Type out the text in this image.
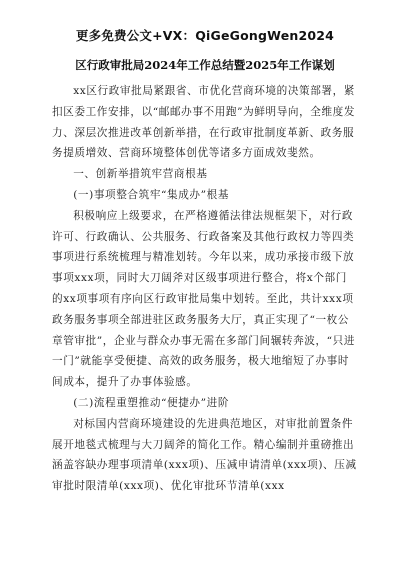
更多免费公文+VX：QiGeGongWen2024
区行政审批局2024年工作总结暨2025年工作谋划

xx区行政审批局紧跟省、市优化营商环境的决策部署，紧扣区委工作安排，以“邮邮办事不用跑”为鲜明导向，全维度发力、深层次推进改革创新举措，在行政审批制度革新、政务服务提质增效、营商环境整体创优等诸多方面成效斐然。

一、创新举措筑牢营商根基

(一)事项整合筑牢“集成办”根基

积极响应上级要求，在严格遵循法律法规框架下，对行政许可、行政确认、公共服务、行政备案及其他行政权力等四类事项进行系统梳理与精准划转。今年以来，成功承接市级下放事项xxx项，同时大刀阔斧对区级事项进行整合，将x个部门的xx项事项有序向区行政审批局集中划转。至此，共计xxx项政务服务事项全部进驻区政务服务大厅，真正实现了“一枚公章管审批”，企业与群众办事无需在多部门间辗转奔波，“只进一门”就能享受便捷、高效的政务服务，极大地缩短了办事时间成本，提升了办事体验感。

(二)流程重塑推动“便捷办”进阶

对标国内营商环境建设的先进典范地区，对审批前置条件展开地毯式梳理与大刀阔斧的简化工作。精心编制并重磅推出涵盖容缺办理事项清单(xxx项)、压减申请清单(xxx项)、压减审批时限清单(xxx项)、优化审批环节清单(xxx
